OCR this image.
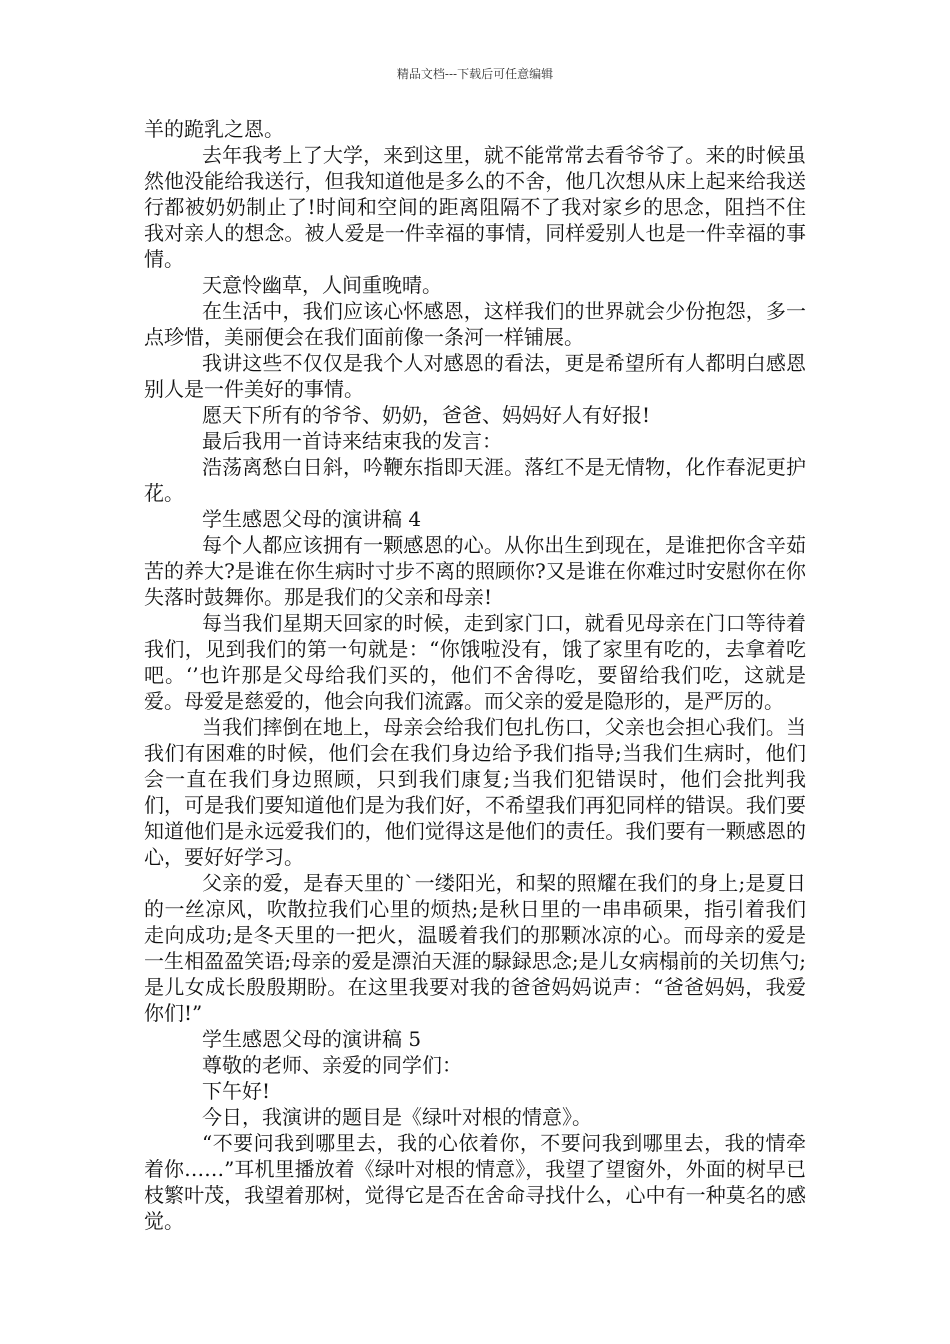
精品文档---下载后可任意编辑

羊的跪乳之恩。

去年我考上了大学，来到这里，就不能常常去看爷爷了。来的时候虽然他没能给我送行，但我知道他是多么的不舍，他几次想从床上起来给我送行都被奶奶制止了!时间和空间的距离阻隔不了我对家乡的思念，阻挡不住我对亲人的想念。被人爱是一件幸福的事情，同样爱别人也是一件幸福的事情。

天意怜幽草，人间重晚晴。

在生活中，我们应该心怀感恩，这样我们的世界就会少份抱怨，多一点珍惜，美丽便会在我们面前像一条河一样铺展。

我讲这些不仅仅是我个人对感恩的看法，更是希望所有人都明白感恩别人是一件美好的事情。

愿天下所有的爷爷、奶奶，爸爸、妈妈好人有好报!

最后我用一首诗来结束我的发言：

浩荡离愁白日斜，吟鞭东指即天涯。落红不是无情物，化作春泥更护花。

学生感恩父母的演讲稿 4

每个人都应该拥有一颗感恩的心。从你出生到现在，是谁把你含辛茹苦的养大?是谁在你生病时寸步不离的照顾你?又是谁在你难过时安慰你在你失落时鼓舞你。那是我们的父亲和母亲!

每当我们星期天回家的时候，走到家门口，就看见母亲在门口等待着我们，见到我们的第一句就是：“你饿啦没有，饿了家里有吃的，去拿着吃吧。‘’也许那是父母给我们买的，他们不舍得吃，要留给我们吃，这就是爱。母爱是慈爱的，他会向我们流露。而父亲的爱是隐形的，是严厉的。

当我们摔倒在地上，母亲会给我们包扎伤口，父亲也会担心我们。当我们有困难的时候，他们会在我们身边给予我们指导;当我们生病时，他们会一直在我们身边照顾，只到我们康复;当我们犯错误时，他们会批判我们，可是我们要知道他们是为我们好，不希望我们再犯同样的错误。我们要知道他们是永远爱我们的，他们觉得这是他们的责任。我们要有一颗感恩的心，要好好学习。

父亲的爱，是春天里的`一缕阳光，和栔的照耀在我们的身上;是夏日的一丝凉风，吹散拉我们心里的烦热;是秋日里的一串串硕果，指引着我们走向成功;是冬天里的一把火，温暖着我们的那颗冰凉的心。而母亲的爱是一生相盈盈笑语;母亲的爱是漂泊天涯的騄録思念;是儿女病榻前的关切焦勺;是儿女成长殷殷期盼。在这里我要对我的爸爸妈妈说声：“爸爸妈妈，我爱你们!”

学生感恩父母的演讲稿 5

尊敬的老师、亲爱的同学们：

下午好!

今日，我演讲的题目是《绿叶对根的情意》。

“不要问我到哪里去，我的心依着你，不要问我到哪里去，我的情牵着你……”耳机里播放着《绿叶对根的情意》，我望了望窗外，外面的树早已枝繁叶茂，我望着那树，觉得它是否在舍命寻找什么，心中有一种莫名的感觉。
